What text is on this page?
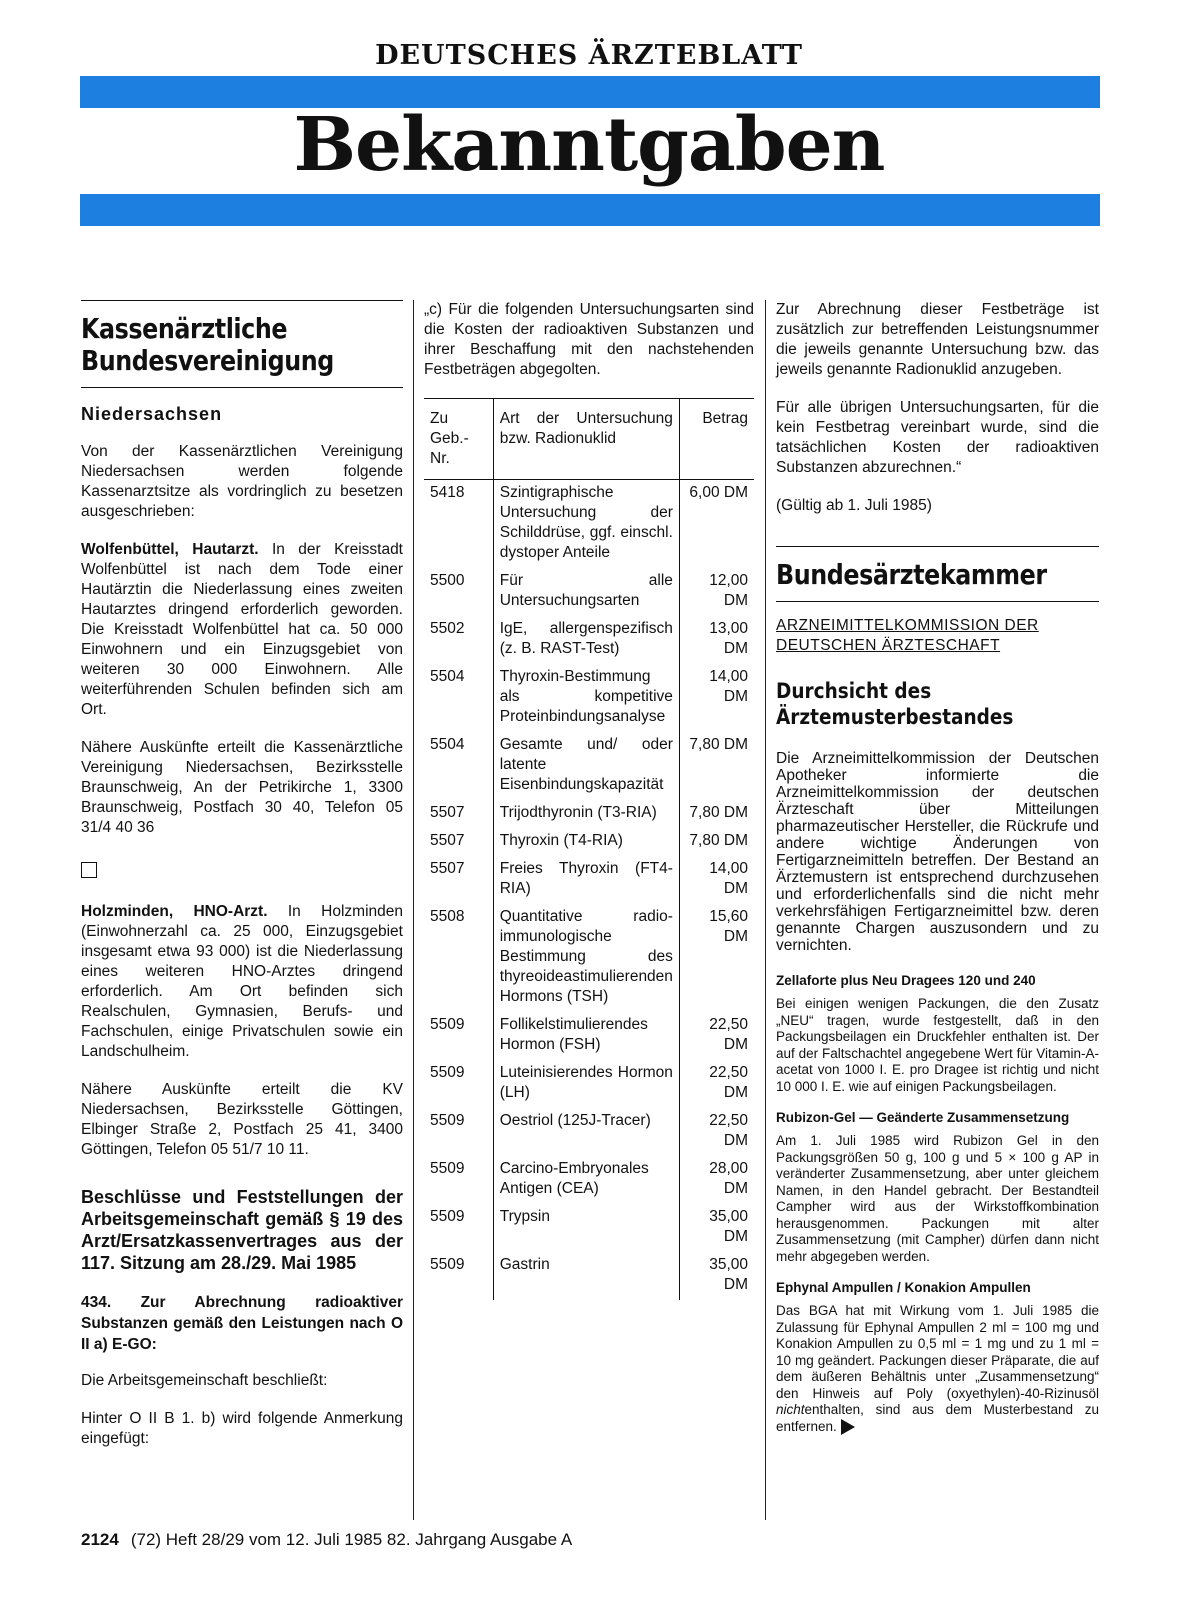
DEUTSCHES ÄRZTEBLATT
Bekanntgaben
Kassenärztliche Bundesvereinigung
Niedersachsen

Von der Kassenärztlichen Vereinigung Niedersachsen werden folgende Kassenarztsitze als vordringlich zu besetzen ausgeschrieben:

Wolfenbüttel, Hautarzt. In der Kreisstadt Wolfenbüttel ist nach dem Tode einer Hautärztin die Niederlassung eines zweiten Hautarztes dringend erforderlich geworden. Die Kreisstadt Wolfenbüttel hat ca. 50 000 Einwohnern und ein Einzugsgebiet von weiteren 30 000 Einwohnern. Alle weiterführenden Schulen befinden sich am Ort.

Nähere Auskünfte erteilt die Kassenärztliche Vereinigung Niedersachsen, Bezirksstelle Braunschweig, An der Petrikirche 1, 3300 Braunschweig, Postfach 30 40, Telefon 05 31/4 40 36

Holzminden, HNO-Arzt. In Holzminden (Einwohnerzahl ca. 25 000, Einzugsgebiet insgesamt etwa 93 000) ist die Niederlassung eines weiteren HNO-Arztes dringend erforderlich. Am Ort befinden sich Realschulen, Gymnasien, Berufs- und Fachschulen, einige Privatschulen sowie ein Landschulheim.

Nähere Auskünfte erteilt die KV Niedersachsen, Bezirksstelle Göttingen, Elbinger Straße 2, Postfach 25 41, 3400 Göttingen, Telefon 05 51/7 10 11.

Beschlüsse und Feststellungen der Arbeitsgemeinschaft gemäß § 19 des Arzt/Ersatzkassenvertrages aus der 117. Sitzung am 28./29. Mai 1985
434. Zur Abrechnung radioaktiver Substanzen gemäß den Leistungen nach O II a) E-GO:

Die Arbeitsgemeinschaft beschließt:

Hinter O II B 1. b) wird folgende Anmerkung eingefügt:

„c) Für die folgenden Untersuchungsarten sind die Kosten der radioaktiven Substanzen und ihrer Beschaffung mit den nachstehenden Festbeträgen abgegolten.

Zu Geb.-Nr.	Art der Untersuchung bzw. Radionuklid	Betrag
5418	Szintigraphische Untersuchung der Schilddrüse, ggf. einschl. dystoper Anteile	6,00 DM
5500	Für alle Untersuchungsarten	12,00 DM
5502	IgE, allergenspezifisch (z. B. RAST-Test)	13,00 DM
5504	Thyroxin-Bestimmung als kompetitive Proteinbindungsanalyse	14,00 DM
5504	Gesamte und/ oder latente Eisenbindungskapazität	7,80 DM
5507	Trijodthyronin (T3-RIA)	7,80 DM
5507	Thyroxin (T4-RIA)	7,80 DM
5507	Freies Thyroxin (FT4-RIA)	14,00 DM
5508	Quantitative radio-immunologische Bestimmung des thyreoideastimulierenden Hormons (TSH)	15,60 DM
5509	Follikelstimulierendes Hormon (FSH)	22,50 DM
5509	Luteinisierendes Hormon (LH)	22,50 DM
5509	Oestriol (125J-Tracer)	22,50 DM
5509	Carcino-Embryonales Antigen (CEA)	28,00 DM
5509	Trypsin	35,00 DM
5509	Gastrin	35,00 DM

Zur Abrechnung dieser Festbeträge ist zusätzlich zur betreffenden Leistungsnummer die jeweils genannte Untersuchung bzw. das jeweils genannte Radionuklid anzugeben.

Für alle übrigen Untersuchungsarten, für die kein Festbetrag vereinbart wurde, sind die tatsächlichen Kosten der radioaktiven Substanzen abzurechnen.“

(Gültig ab 1. Juli 1985)

Bundesärztekammer
ARZNEIMITTELKOMMISSION DER DEUTSCHEN ÄRZTESCHAFT
Durchsicht des Ärztemusterbestandes

Die Arzneimittelkommission der Deutschen Apotheker informierte die Arzneimittelkommission der deutschen Ärzteschaft über Mitteilungen pharmazeutischer Hersteller, die Rückrufe und andere wichtige Änderungen von Fertigarzneimitteln betreffen. Der Bestand an Ärztemustern ist entsprechend durchzusehen und erforderlichenfalls sind die nicht mehr verkehrsfähigen Fertigarzneimittel bzw. deren genannte Chargen auszusondern und zu vernichten.

Zellaforte plus Neu Dragees 120 und 240

Bei einigen wenigen Packungen, die den Zusatz „NEU“ tragen, wurde festgestellt, daß in den Packungsbeilagen ein Druckfehler enthalten ist. Der auf der Faltschachtel angegebene Wert für Vitamin-A-acetat von 1000 I. E. pro Dragee ist richtig und nicht 10 000 I. E. wie auf einigen Packungsbeilagen.

Rubizon-Gel — Geänderte Zusammensetzung

Am 1. Juli 1985 wird Rubizon Gel in den Packungsgrößen 50 g, 100 g und 5 × 100 g AP in veränderter Zusammensetzung, aber unter gleichem Namen, in den Handel gebracht. Der Bestandteil Campher wird aus der Wirkstoffkombination herausgenommen. Packungen mit alter Zusammensetzung (mit Campher) dürfen dann nicht mehr abgegeben werden.

Ephynal Ampullen / Konakion Ampullen

Das BGA hat mit Wirkung vom 1. Juli 1985 die Zulassung für Ephynal Ampullen 2 ml = 100 mg und Konakion Ampullen zu 0,5 ml = 1 mg und zu 1 ml = 10 mg geändert. Packungen dieser Präparate, die auf dem äußeren Behältnis unter „Zusammensetzung“ den Hinweis auf Poly (oxyethylen)-40-Rizinusöl nichtenthalten, sind aus dem Musterbestand zu entfernen.

2124 (72) Heft 28/29 vom 12. Juli 1985 82. Jahrgang Ausgabe A
